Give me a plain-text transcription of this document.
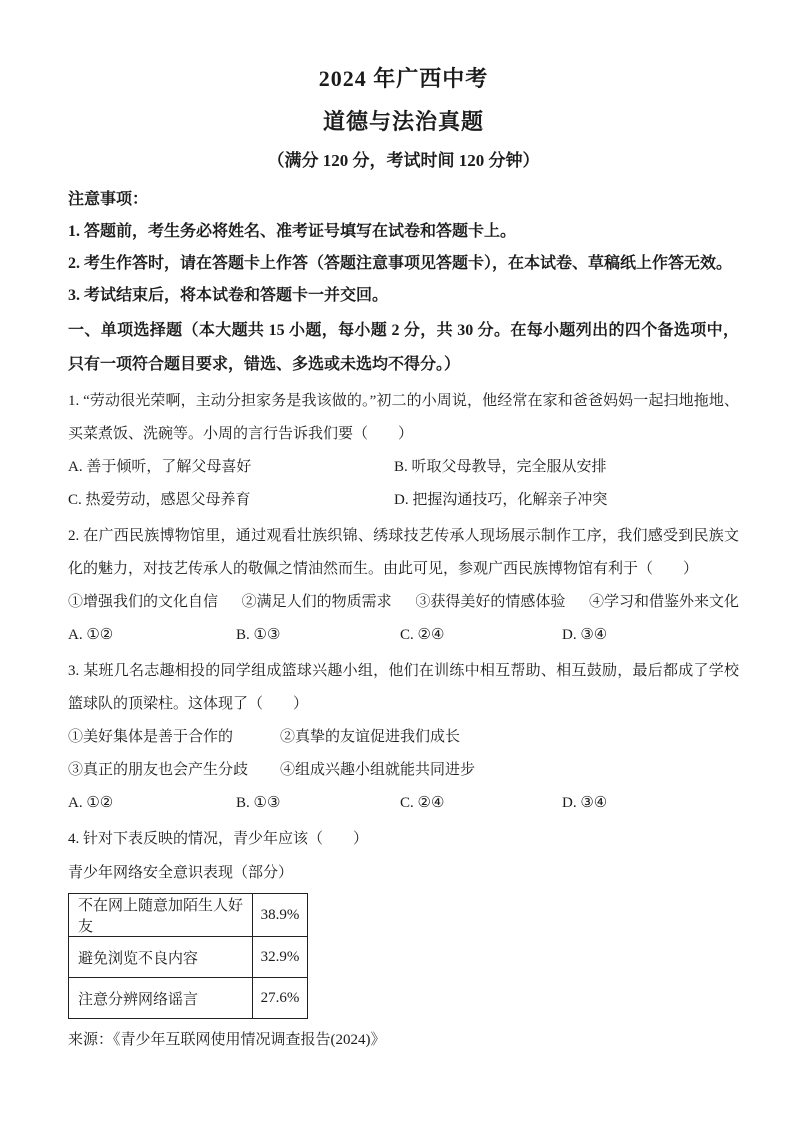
2024 年广西中考
道德与法治真题
（满分 120 分，考试时间 120 分钟）

注意事项：

1. 答题前，考生务必将姓名、准考证号填写在试卷和答题卡上。

2. 考生作答时，请在答题卡上作答（答题注意事项见答题卡），在本试卷、草稿纸上作答无效。

3. 考试结束后，将本试卷和答题卡一并交回。

一、单项选择题（本大题共 15 小题，每小题 2 分，共 30 分。在每小题列出的四个备选项中，只有一项符合题目要求，错选、多选或未选均不得分。）

1. “劳动很光荣啊，主动分担家务是我该做的。”初二的小周说，他经常在家和爸爸妈妈一起扫地拖地、买菜煮饭、洗碗等。小周的言行告诉我们要（　　）

A. 善于倾听，了解父母喜好	B. 听取父母教导，完全服从安排
C. 热爱劳动，感恩父母养育	D. 把握沟通技巧，化解亲子冲突

2. 在广西民族博物馆里，通过观看壮族织锦、绣球技艺传承人现场展示制作工序，我们感受到民族文化的魅力，对技艺传承人的敬佩之情油然而生。由此可见，参观广西民族博物馆有利于（　　）

①增强我们的文化自信 ②满足人们的物质需求 ③获得美好的情感体验 ④学习和借鉴外来文化
A. ①②	B. ①③	C. ②④	D. ③④

3. 某班几名志趣相投的同学组成篮球兴趣小组，他们在训练中相互帮助、相互鼓励，最后都成了学校篮球队的顶梁柱。这体现了（　　）

①美好集体是善于合作的	②真挚的友谊促进我们成长
③真正的朋友也会产生分歧	④组成兴趣小组就能共同进步
A. ①②	B. ①③	C. ②④	D. ③④

4. 针对下表反映的情况，青少年应该（　　）

青少年网络安全意识表现（部分）

不在网上随意加陌生人好友	38.9%
避免浏览不良内容	32.9%
注意分辨网络谣言	27.6%

来源：《青少年互联网使用情况调查报告(2024)》
